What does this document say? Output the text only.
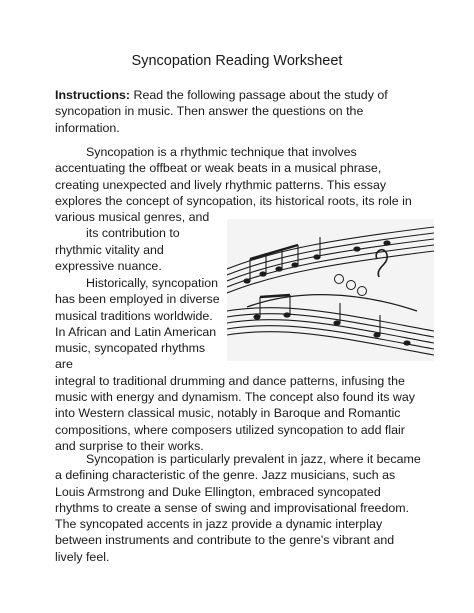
Syncopation Reading Worksheet

Instructions: Read the following passage about the study of syncopation in music. Then answer the questions on the information.

Syncopation is a rhythmic technique that involves accentuating the offbeat or weak beats in a musical phrase, creating unexpected and lively rhythmic patterns. This essay explores the concept of syncopation, its historical roots, its role in various musical genres, and
its contribution to rhythmic vitality and expressive nuance.

Historically, syncopation has been employed in diverse musical traditions worldwide. In African and Latin American music, syncopated rhythms are
integral to traditional drumming and dance patterns, infusing the music with energy and dynamism. The concept also found its way into Western classical music, notably in Baroque and Romantic compositions, where composers utilized syncopation to add flair and surprise to their works.

Syncopation is particularly prevalent in jazz, where it became a defining characteristic of the genre. Jazz musicians, such as Louis Armstrong and Duke Ellington, embraced syncopated rhythms to create a sense of swing and improvisational freedom. The syncopated accents in jazz provide a dynamic interplay between instruments and contribute to the genre's vibrant and lively feel.
